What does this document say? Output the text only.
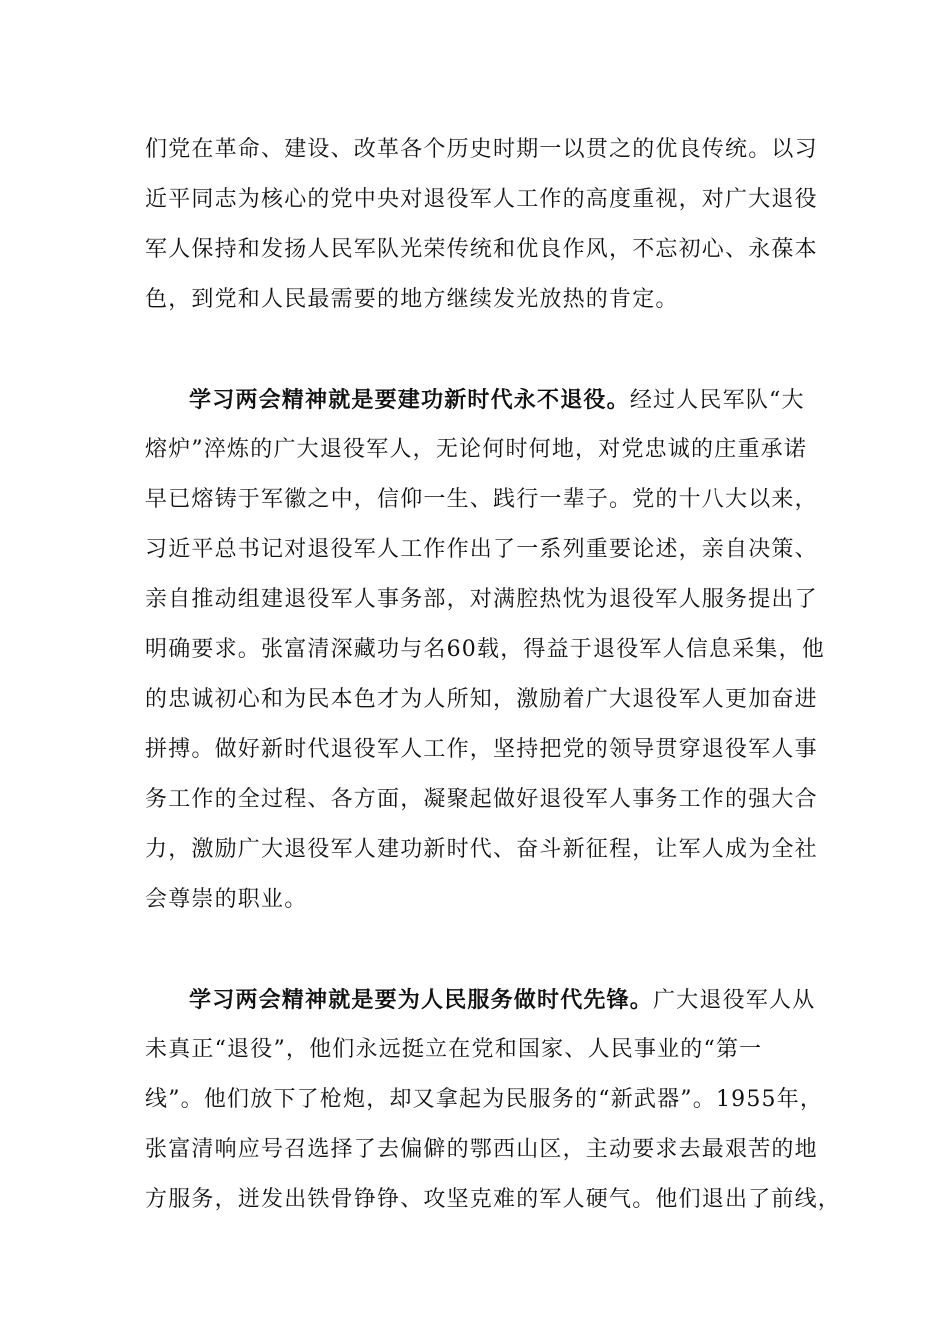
们党在革命、建设、改革各个历史时期一以贯之的优良传统。以习
近平同志为核心的党中央对退役军人工作的高度重视，对广大退役
军人保持和发扬人民军队光荣传统和优良作风，不忘初心、永葆本
色，到党和人民最需要的地方继续发光放热的肯定。
学习两会精神就是要建功新时代永不退役。经过人民军队“大
熔炉”淬炼的广大退役军人，无论何时何地，对党忠诚的庄重承诺
早已熔铸于军徽之中，信仰一生、践行一辈子。党的十八大以来，
习近平总书记对退役军人工作作出了一系列重要论述，亲自决策、
亲自推动组建退役军人事务部，对满腔热忱为退役军人服务提出了
明确要求。张富清深藏功与名60载，得益于退役军人信息采集，他
的忠诚初心和为民本色才为人所知，激励着广大退役军人更加奋进
拼搏。做好新时代退役军人工作，坚持把党的领导贯穿退役军人事
务工作的全过程、各方面，凝聚起做好退役军人事务工作的强大合
力，激励广大退役军人建功新时代、奋斗新征程，让军人成为全社
会尊崇的职业。
学习两会精神就是要为人民服务做时代先锋。广大退役军人从
未真正“退役”，他们永远挺立在党和国家、人民事业的“第一
线”。他们放下了枪炮，却又拿起为民服务的“新武器”。1955年，
张富清响应号召选择了去偏僻的鄂西山区，主动要求去最艰苦的地
方服务，迸发出铁骨铮铮、攻坚克难的军人硬气。他们退出了前线，
